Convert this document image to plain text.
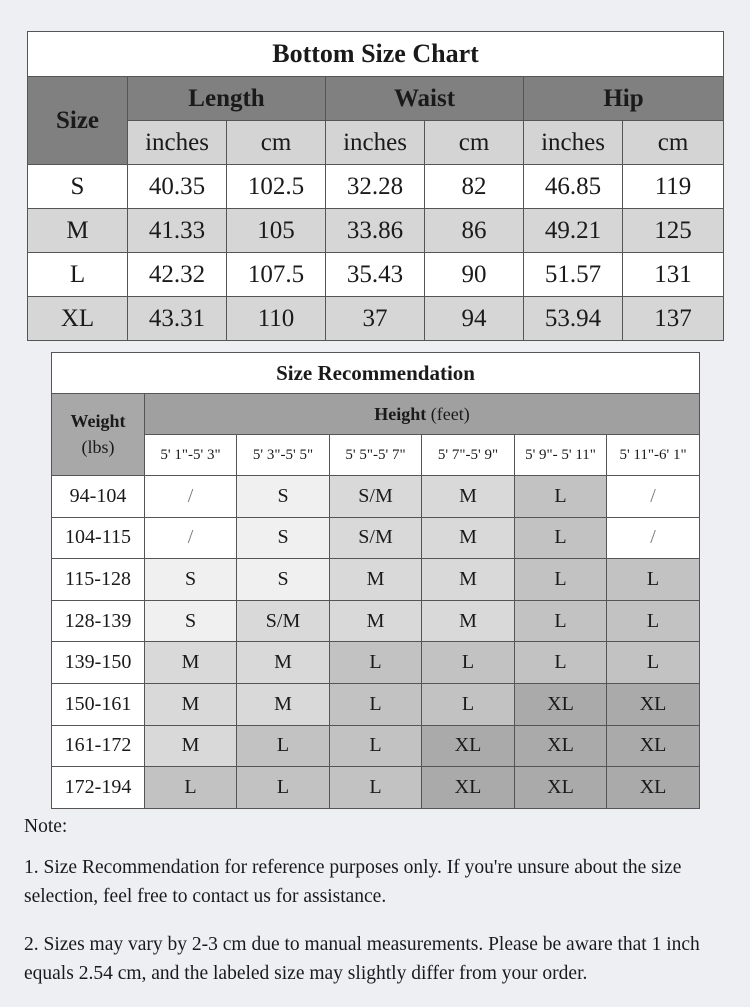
Bottom Size Chart						
Size	Length		Waist		Hip	
	inches	cm	inches	cm	inches	cm
S	40.35	102.5	32.28	82	46.85	119
M	41.33	105	33.86	86	49.21	125
L	42.32	107.5	35.43	90	51.57	131
XL	43.31	110	37	94	53.94	137
Size Recommendation						
Weight
(lbs)	Height (feet)					
	5' 1"-5' 3"	5' 3"-5' 5"	5' 5"-5' 7"	5' 7"-5' 9"	5' 9"- 5' 11"	5' 11"-6' 1"
94-104	/	S	S/M	M	L	/
104-115	/	S	S/M	M	L	/
115-128	S	S	M	M	L	L
128-139	S	S/M	M	M	L	L
139-150	M	M	L	L	L	L
150-161	M	M	L	L	XL	XL
161-172	M	L	L	XL	XL	XL
172-194	L	L	L	XL	XL	XL

Note:

1. Size Recommendation for reference purposes only. If you're unsure about the size selection, feel free to contact us for assistance.

2. Sizes may vary by 2-3 cm due to manual measurements. Please be aware that 1 inch equals 2.54 cm, and the labeled size may slightly differ from your order.
